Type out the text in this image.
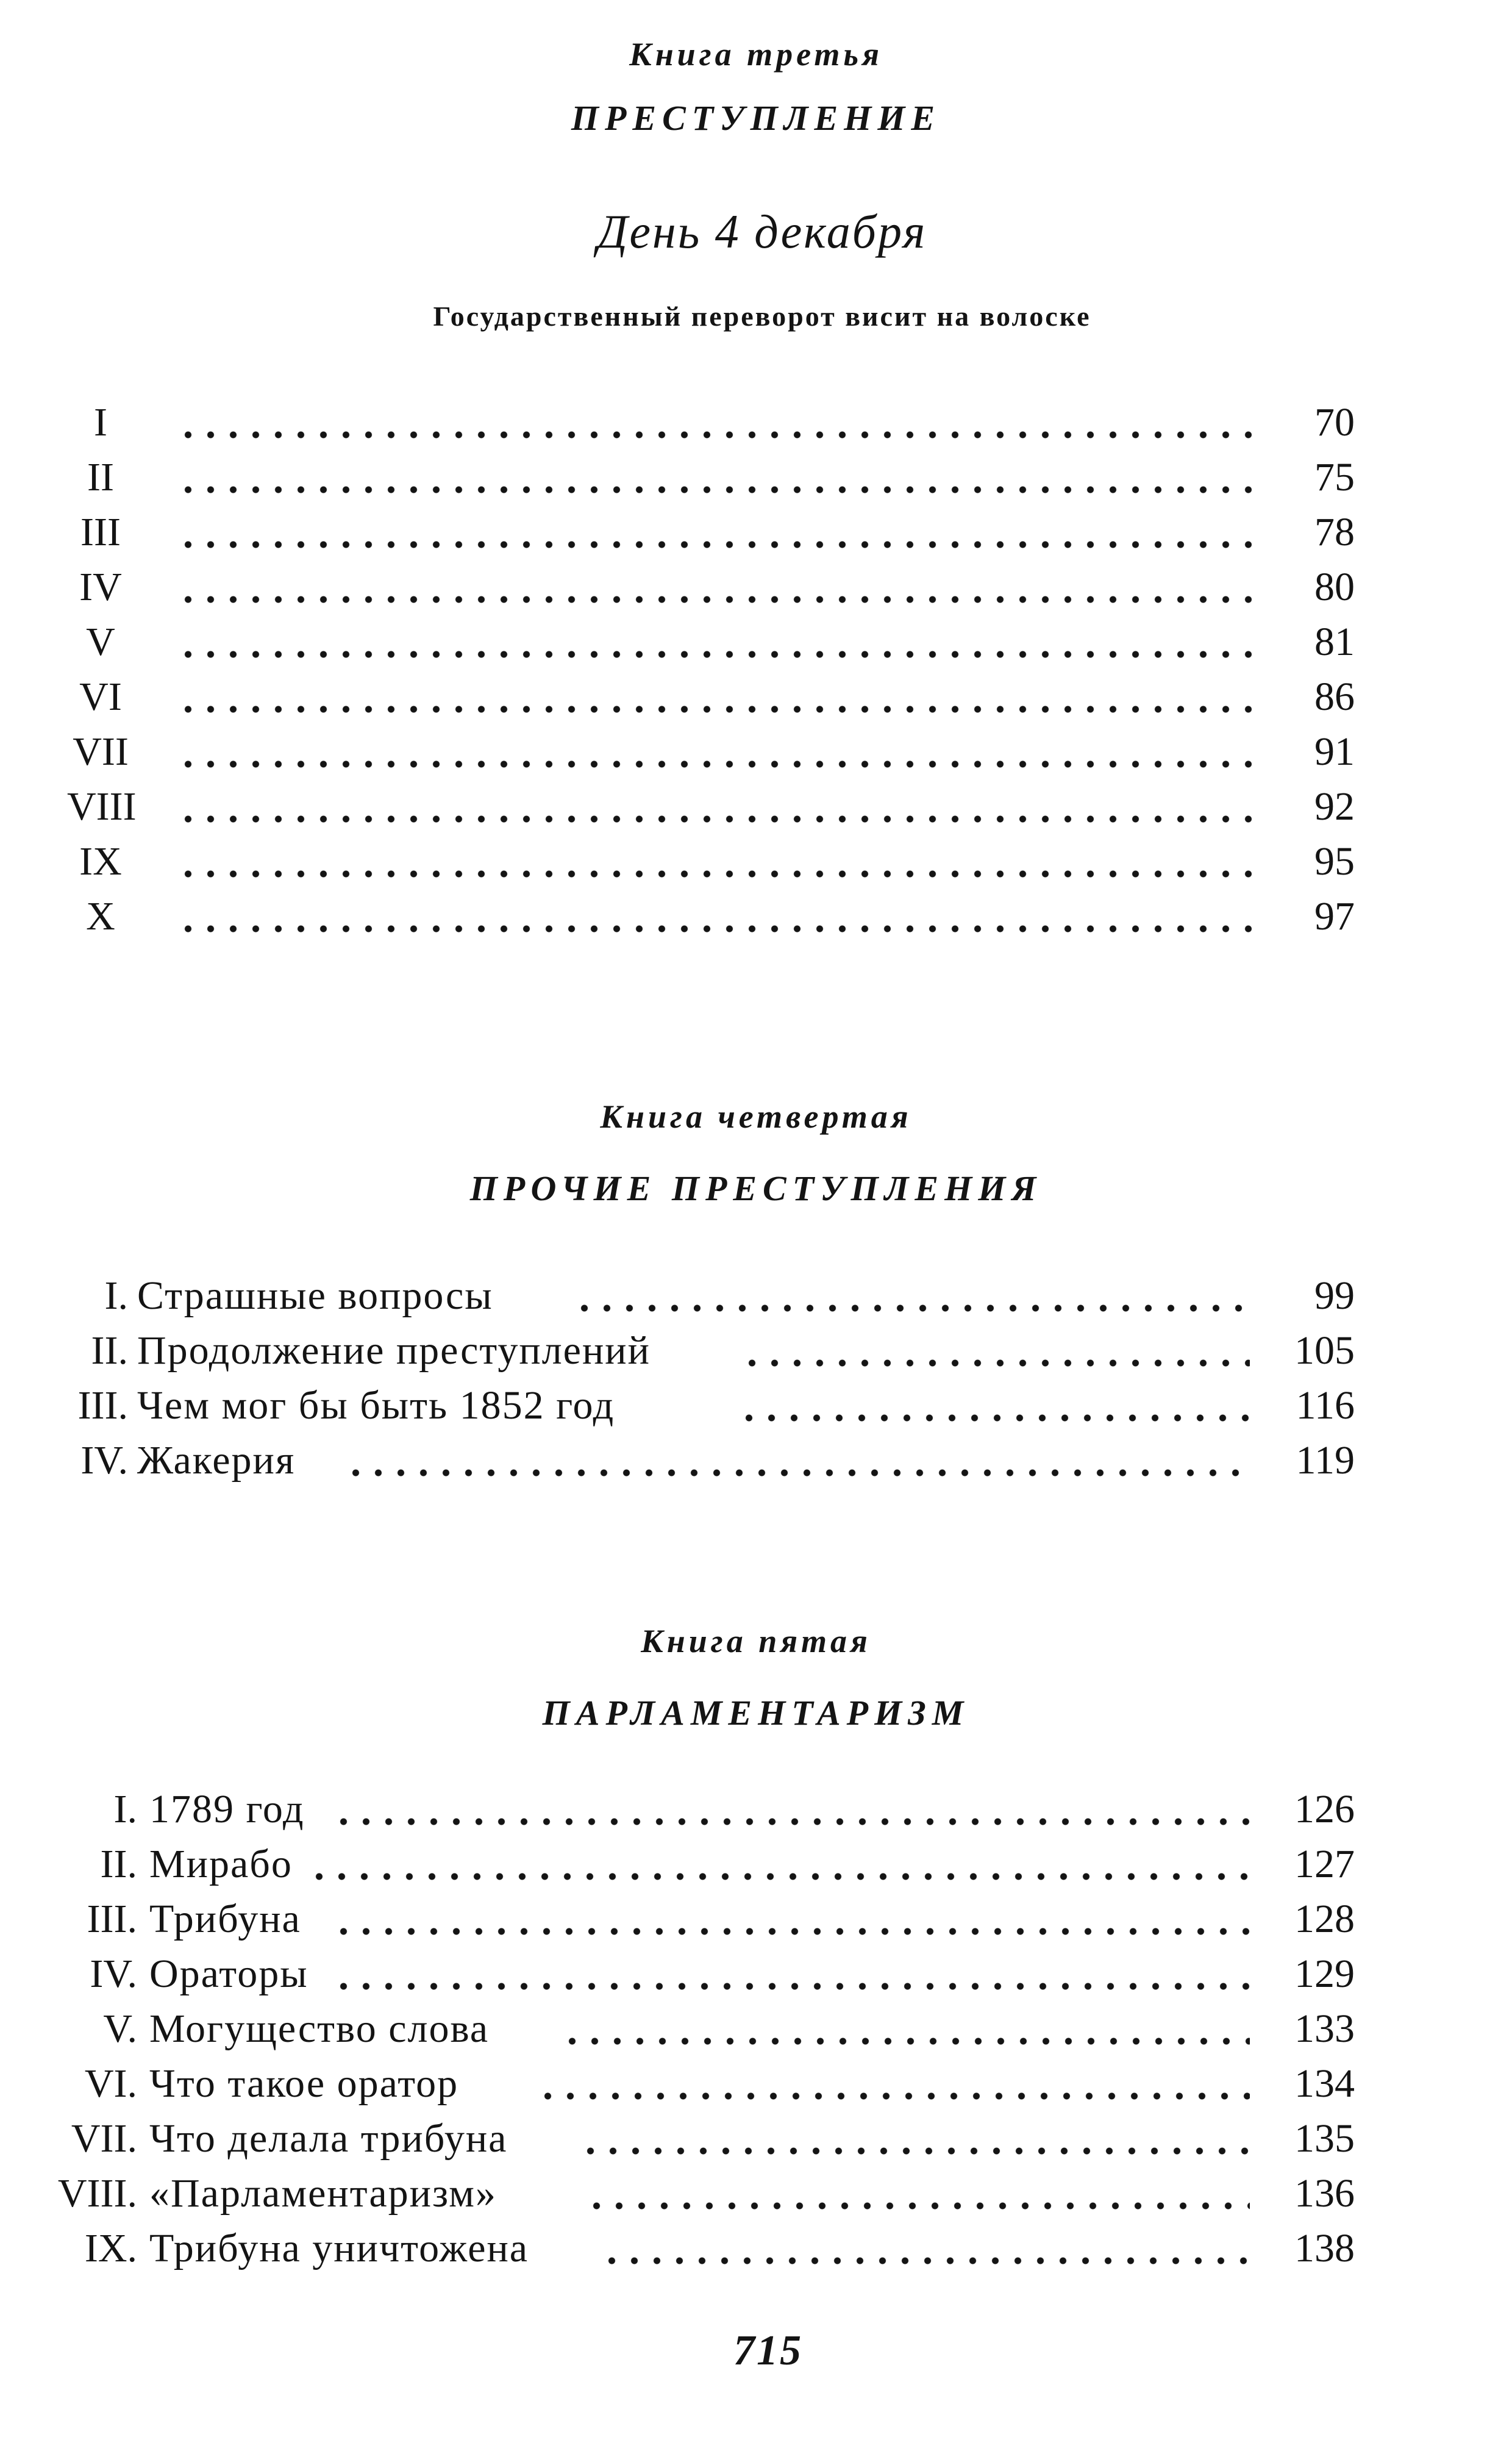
Книга третья
ПРЕСТУПЛЕНИЕ
День 4 декабря
Государственный переворот висит на волоске
I	70
II	75
III	78
IV	80
V	81
VI	86
VII	91
VIII	92
IX	95
X	97
Книга четвертая
ПРОЧИЕ ПРЕСТУПЛЕНИЯ
I. Страшные вопросы	99
II. Продолжение преступлений	105
III. Чем мог бы быть 1852 год	116
IV. Жакерия	119
Книга пятая
ПАРЛАМЕНТАРИЗМ
I. 1789 год	126
II. Мирабо	127
III. Трибуна	128
IV. Ораторы	129
V. Могущество слова	133
VI. Что такое оратор	134
VII. Что делала трибуна	135
VIII. «Парламентаризм»	136
IX. Трибуна уничтожена	138
715
